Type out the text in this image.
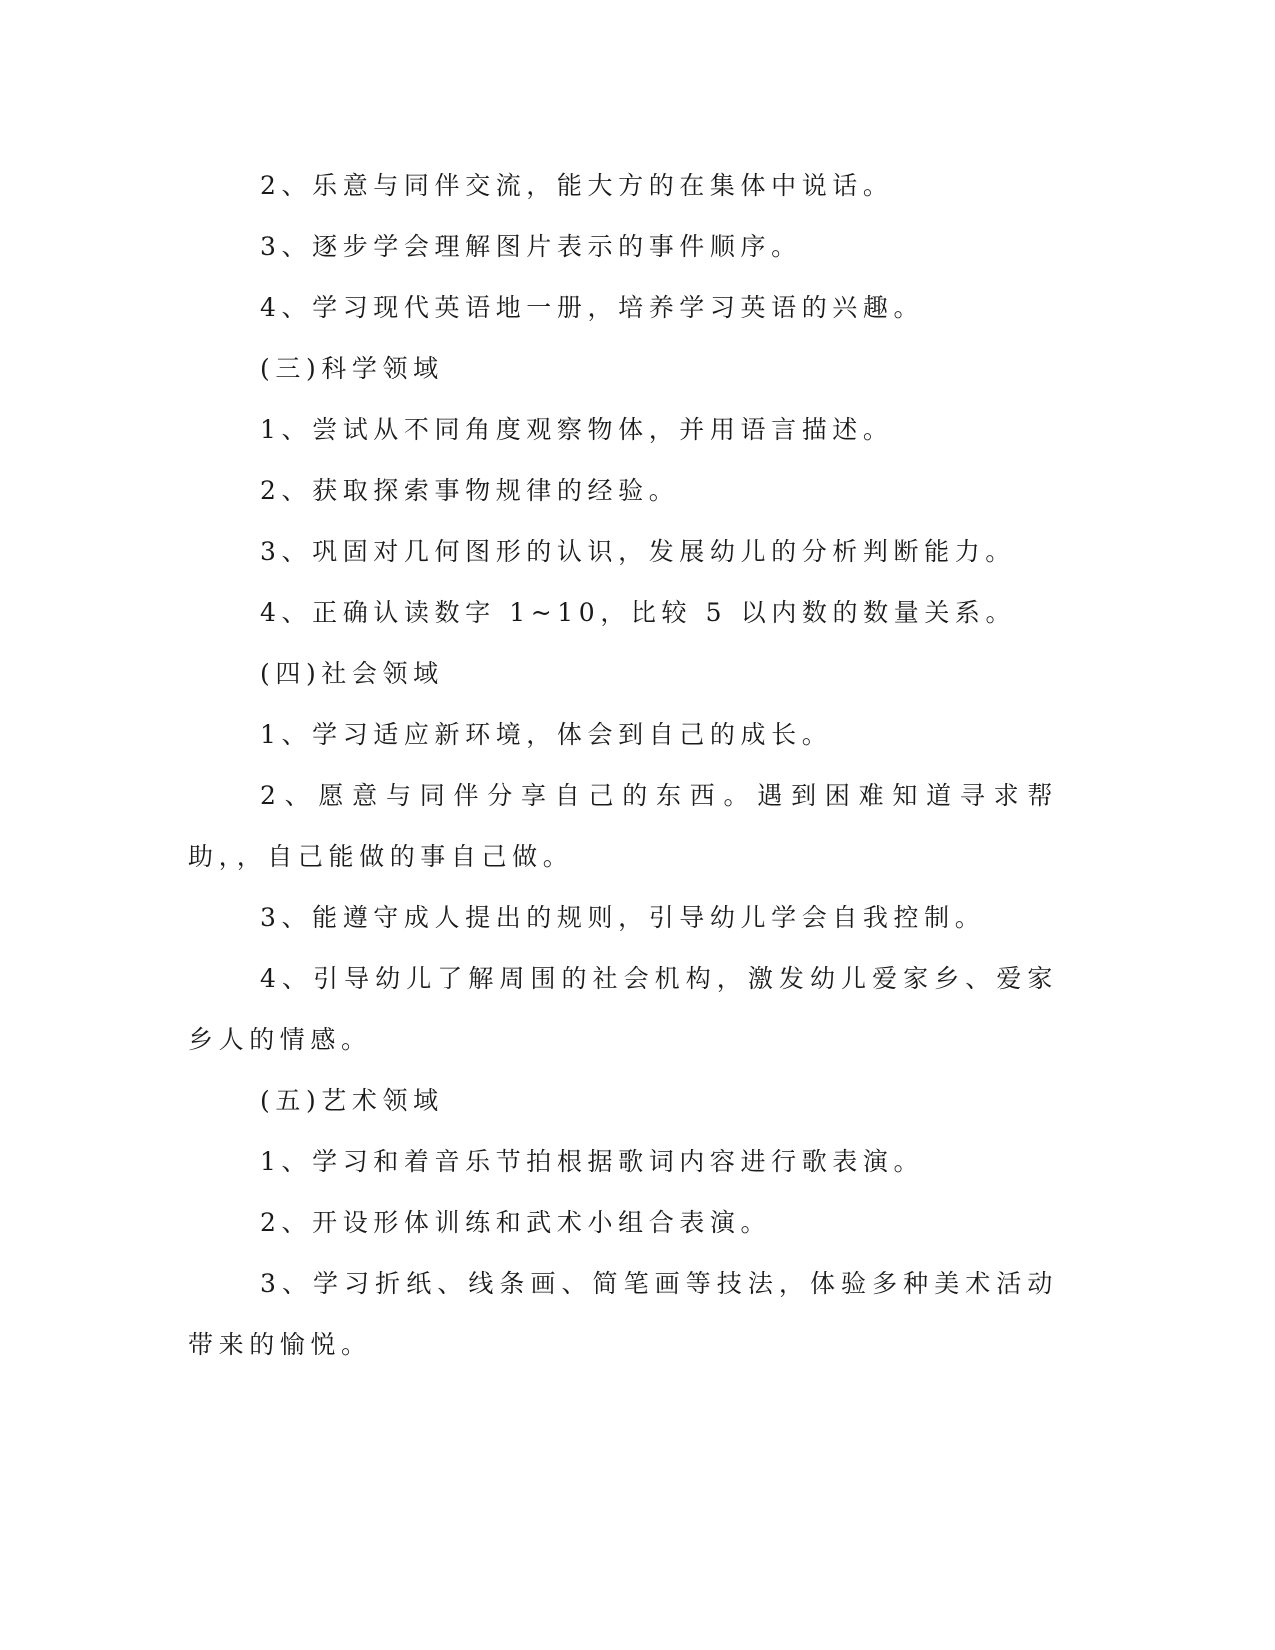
2、乐意与同伴交流，能大方的在集体中说话。

3、逐步学会理解图片表示的事件顺序。

4、学习现代英语地一册，培养学习英语的兴趣。

(三)科学领域

1、尝试从不同角度观察物体，并用语言描述。

2、获取探索事物规律的经验。

3、巩固对几何图形的认识，发展幼儿的分析判断能力。

4、正确认读数字 1~10，比较 5 以内数的数量关系。

(四)社会领域

1、学习适应新环境，体会到自己的成长。

2、愿意与同伴分享自己的东西。遇到困难知道寻求帮助，，自己能做的事自己做。

3、能遵守成人提出的规则，引导幼儿学会自我控制。

4、引导幼儿了解周围的社会机构，激发幼儿爱家乡、爱家乡人的情感。

(五)艺术领域

1、学习和着音乐节拍根据歌词内容进行歌表演。

2、开设形体训练和武术小组合表演。

3、学习折纸、线条画、简笔画等技法，体验多种美术活动带来的愉悦。
